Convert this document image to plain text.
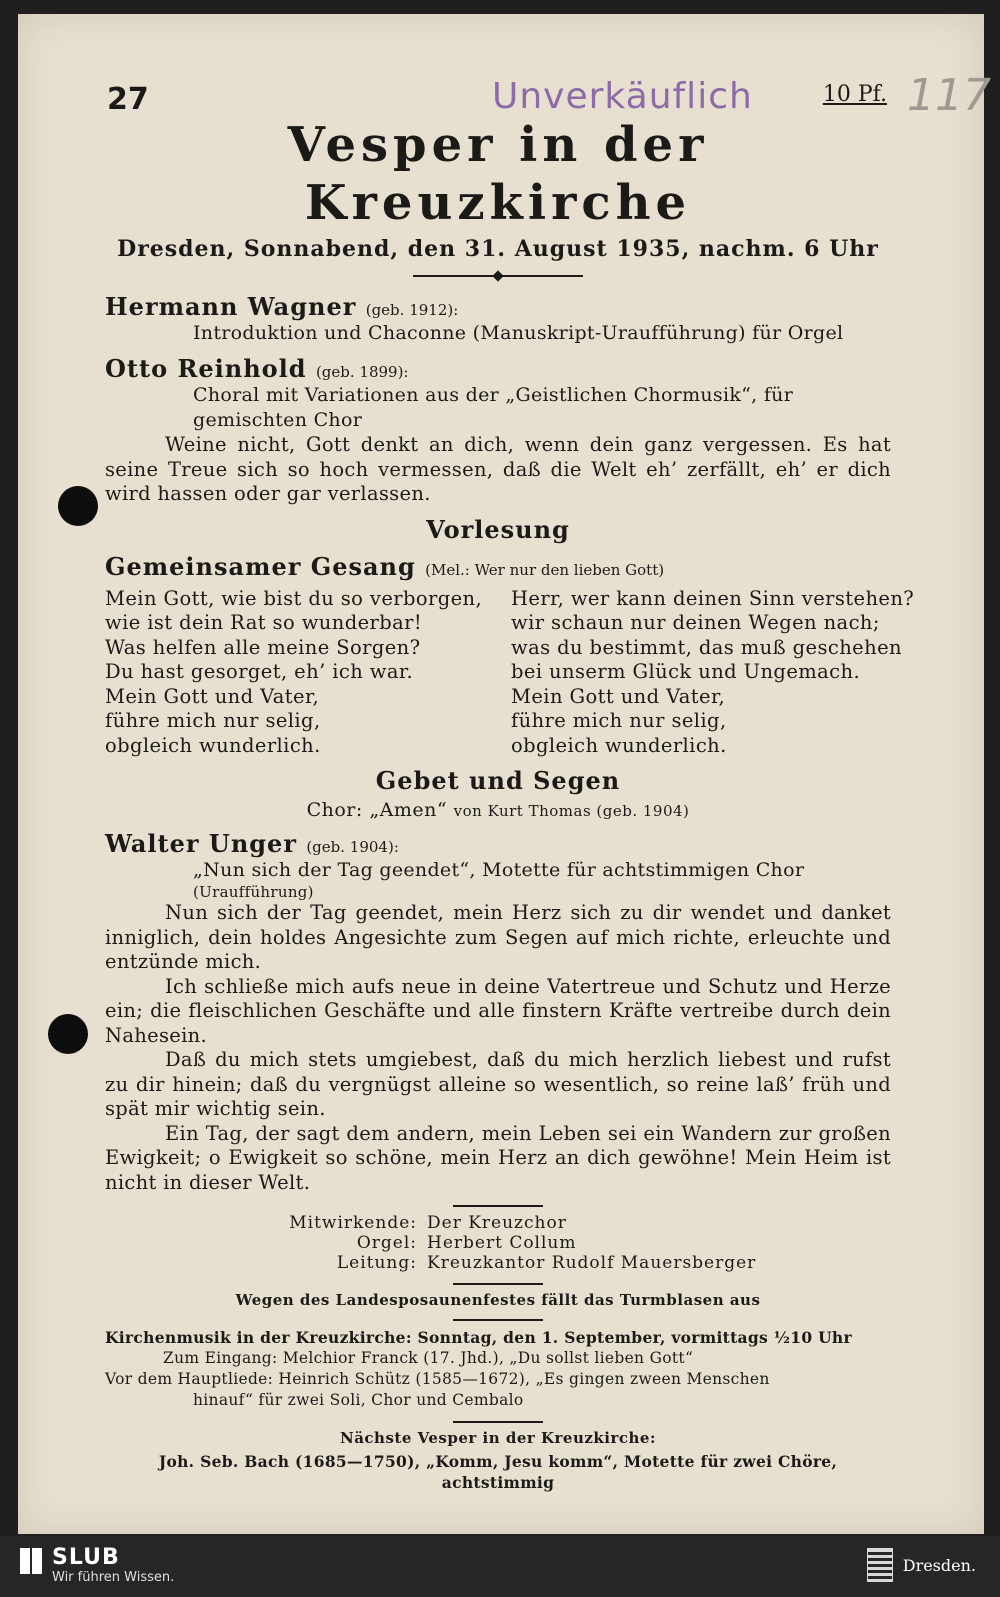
27	Unverkäuflich	10 Pf. 117
Vesper in der Kreuzkirche
Dresden, Sonnabend, den 31. August 1935, nachm. 6 Uhr
Hermann Wagner (geb. 1912):
Introduktion und Chaconne (Manuskript-Uraufführung) für Orgel
Otto Reinhold (geb. 1899):
Choral mit Variationen aus der „Geistlichen Chormusik“, für
gemischten Chor
Weine nicht, Gott denkt an dich, wenn dein ganz vergessen. Es hat seine Treue sich so hoch vermessen, daß die Welt eh’ zerfällt, eh’ er dich wird hassen oder gar verlassen.
Vorlesung
Gemeinsamer Gesang (Mel.: Wer nur den lieben Gott)
Mein Gott, wie bist du so verborgen,
wie ist dein Rat so wunderbar!
Was helfen alle meine Sorgen?
Du hast gesorget, eh’ ich war.
Mein Gott und Vater,
führe mich nur selig,
obgleich wunderlich.
Herr, wer kann deinen Sinn verstehen?
wir schaun nur deinen Wegen nach;
was du bestimmt, das muß geschehen
bei unserm Glück und Ungemach.
Mein Gott und Vater,
führe mich nur selig,
obgleich wunderlich.
Gebet und Segen
Chor: „Amen“ von Kurt Thomas (geb. 1904)
Walter Unger (geb. 1904):
„Nun sich der Tag geendet“, Motette für achtstimmigen Chor
(Uraufführung)
Nun sich der Tag geendet, mein Herz sich zu dir wendet und danket inniglich, dein holdes Angesichte zum Segen auf mich richte, erleuchte und entzünde mich.
Ich schließe mich aufs neue in deine Vatertreue und Schutz und Herze ein; die fleischlichen Geschäfte und alle finstern Kräfte vertreibe durch dein Nahesein.
Daß du mich stets umgiebest, daß du mich herzlich liebest und rufst zu dir hinein; daß du vergnügst alleine so wesentlich, so reine laß’ früh und spät mir wichtig sein.
Ein Tag, der sagt dem andern, mein Leben sei ein Wandern zur großen Ewigkeit; o Ewigkeit so schöne, mein Herz an dich gewöhne! Mein Heim ist nicht in dieser Welt.
Mitwirkende: Der Kreuzchor
Orgel: Herbert Collum
Leitung: Kreuzkantor Rudolf Mauersberger
Wegen des Landesposaunenfestes fällt das Turmblasen aus
Kirchenmusik in der Kreuzkirche: Sonntag, den 1. September, vormittags ½10 Uhr
Zum Eingang: Melchior Franck (17. Jhd.), „Du sollst lieben Gott“
Vor dem Hauptliede: Heinrich Schütz (1585—1672), „Es gingen zween Menschen
hinauf“ für zwei Soli, Chor und Cembalo
Nächste Vesper in der Kreuzkirche:
Joh. Seb. Bach (1685—1750), „Komm, Jesu komm“, Motette für zwei Chöre, achtstimmig
SLUB
Wir führen Wissen.
Dresden.
